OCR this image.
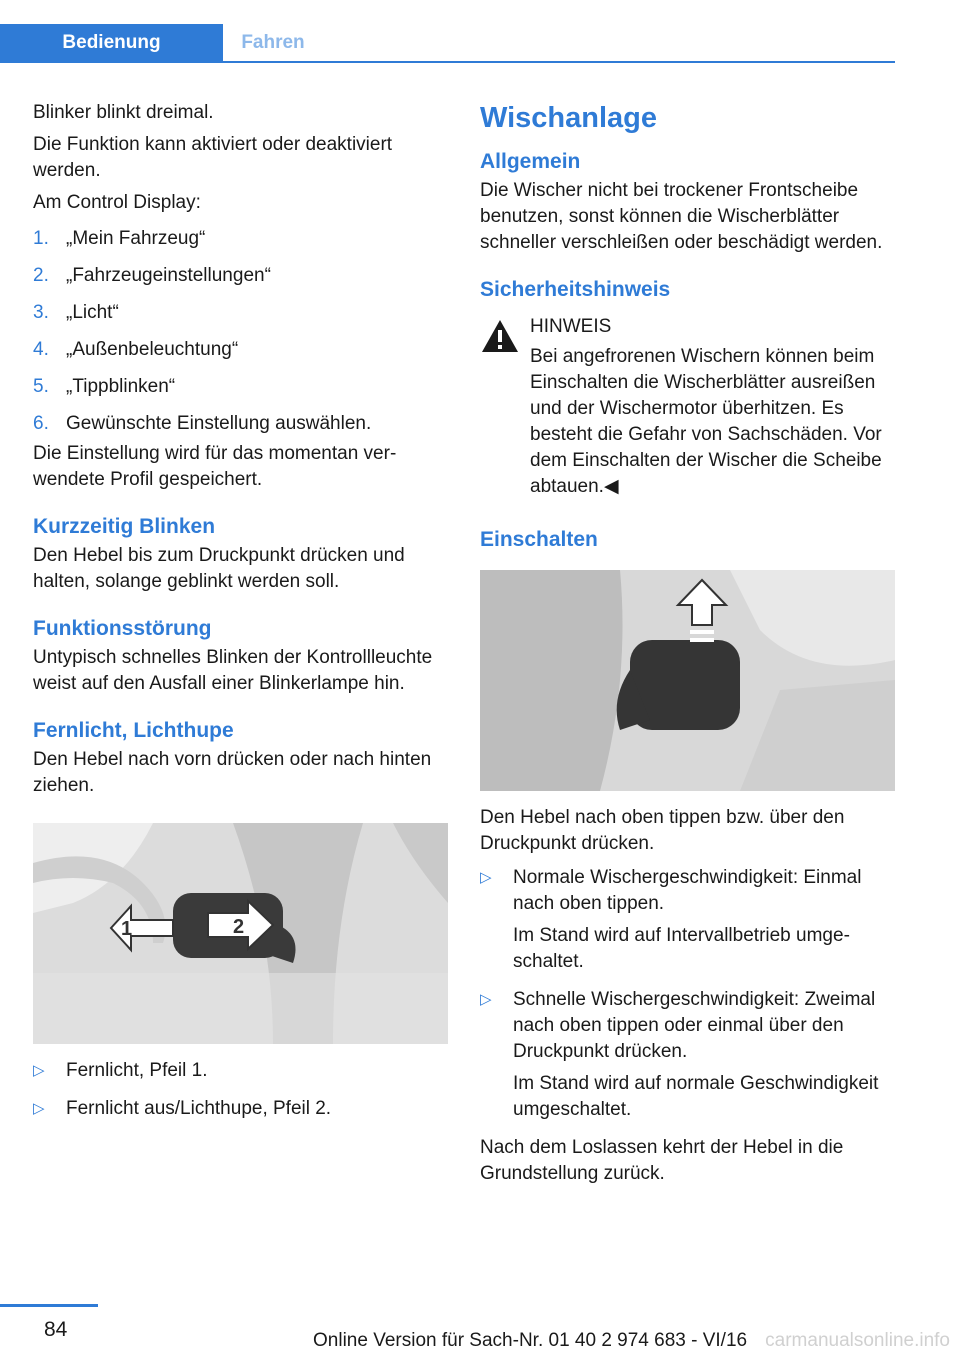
Bedienung	Fahren

Blinker blinkt dreimal.

Die Funktion kann aktiviert oder deaktiviert werden.

Am Control Display:

1. „Mein Fahrzeug“
2. „Fahrzeugeinstellungen“
3. „Licht“
4. „Außenbeleuchtung“
5. „Tippblinken“
6. Gewünschte Einstellung auswählen.

Die Einstellung wird für das momentan verwendete Profil gespeichert.

Kurzzeitig Blinken

Den Hebel bis zum Druckpunkt drücken und halten, solange geblinkt werden soll.

Funktionsstörung

Untypisch schnelles Blinken der Kontrollleuchte weist auf den Ausfall einer Blinkerlampe hin.

Fernlicht, Lichthupe

Den Hebel nach vorn drücken oder nach hinten ziehen.

1	2
▷ Fernlicht, Pfeil 1.
▷ Fernlicht aus/Lichthupe, Pfeil 2.
Wischanlage
Allgemein

Die Wischer nicht bei trockener Frontscheibe benutzen, sonst können die Wischerblätter schneller verschleißen oder beschädigt werden.

Sicherheitshinweis

HINWEIS

Bei angefrorenen Wischern können beim Einschalten die Wischerblätter ausreißen und der Wischermotor überhitzen. Es besteht die Gefahr von Sachschäden. Vor dem Einschalten der Wischer die Scheibe abtauen.◀

Einschalten

Den Hebel nach oben tippen bzw. über den Druckpunkt drücken.

▷ Normale Wischergeschwindigkeit: Einmal nach oben tippen.

Im Stand wird auf Intervallbetrieb umgeschaltet.

▷ Schnelle Wischergeschwindigkeit: Zweimal nach oben tippen oder einmal über den Druckpunkt drücken.

Im Stand wird auf normale Geschwindigkeit umgeschaltet.

Nach dem Loslassen kehrt der Hebel in die Grundstellung zurück.

84	Online Version für Sach-Nr. 01 40 2 974 683 - VI/16 carmanualsonline.info
